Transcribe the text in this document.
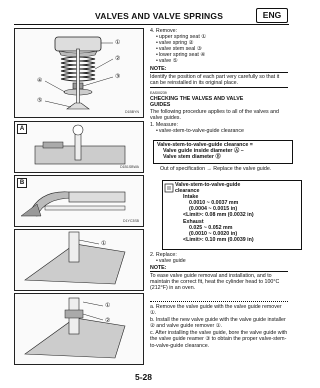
VALVES AND VALVE SPRINGS	ENG
①
②
③
④
⑤
D1BBYN
A
D1B1SBWA
B
D1YC3SB
①
①
②
4. Remove:
• upper spring seat ①
• valve spring ②
• valve stem seal ③
• lower spring seat ④
• valve ⑤
NOTE:
Identify the position of each part very carefully so that it can be reinstalled in its original place.
EAS00239
CHECKING THE VALVES AND VALVE
GUIDES
The following procedure applies to all of the valves and valve guides.
1. Measure:
• valve-stem-to-valve-guide clearance
Valve-stem-to-valve-guide clearance =
Valve guide inside diameter Ⓐ –
Valve stem diameter Ⓑ
Out of specification → Replace the valve guide.
Valve-stem-to-valve-guide
clearance
Intake
0.0010 ~ 0.0037 mm
(0.0004 ~ 0.0015 in)
<Limit>: 0.08 mm (0.0032 in)
Exhaust
0.025 ~ 0.052 mm
(0.0010 ~ 0.0020 in)
<Limit>: 0.10 mm (0.0039 in)
2. Replace:
• valve guide
NOTE:
To ease valve guide removal and installation, and to maintain the correct fit, heat the cylinder head to 100°C (212°F) in an oven.
a. Remove the valve guide with the valve guide remover ①.
b. Install the new valve guide with the valve guide installer ② and valve guide remover ①.
c. After installing the valve guide, bore the valve guide with the valve guide reamer ③ to obtain the proper valve-stem-to-valve-guide clearance.
5-28
